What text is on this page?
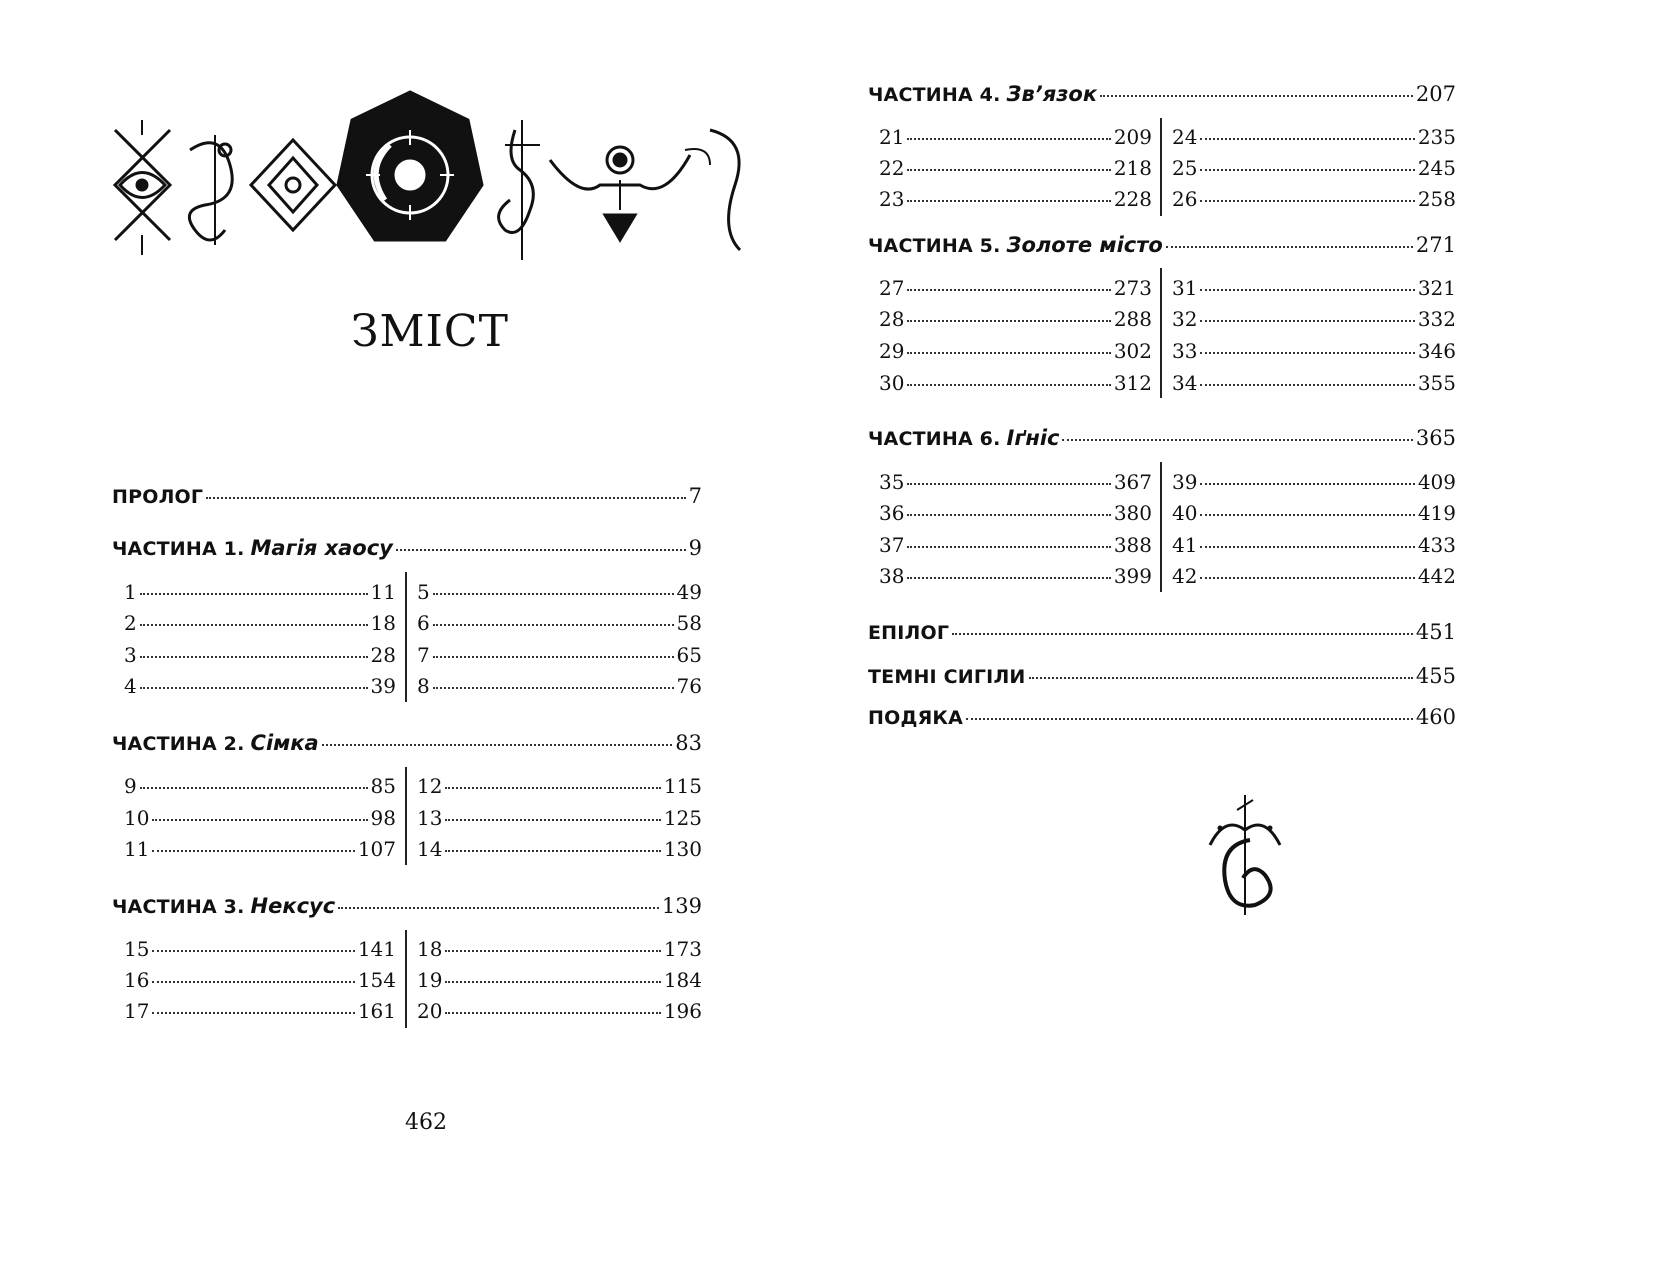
ЗМІСТ
ПРОЛОГ	7
ЧАСТИНА 1. Магія хаосу	9
1	11
2	18
3	28
4	39
5	49
6	58
7	65
8	76
ЧАСТИНА 2. Сімка	83
9	85
10	98
11	107
12	115
13	125
14	130
ЧАСТИНА 3. Нексус	139
15	141
16	154
17	161
18	173
19	184
20	196
462
ЧАСТИНА 4. Зв’язок	207
21	209
22	218
23	228
24	235
25	245
26	258
ЧАСТИНА 5. Золоте місто	271
27	273
28	288
29	302
30	312
31	321
32	332
33	346
34	355
ЧАСТИНА 6. Іґніс	365
35	367
36	380
37	388
38	399
39	409
40	419
41	433
42	442
ЕПІЛОГ	451
ТЕМНІ СИГІЛИ	455
ПОДЯКА	460
